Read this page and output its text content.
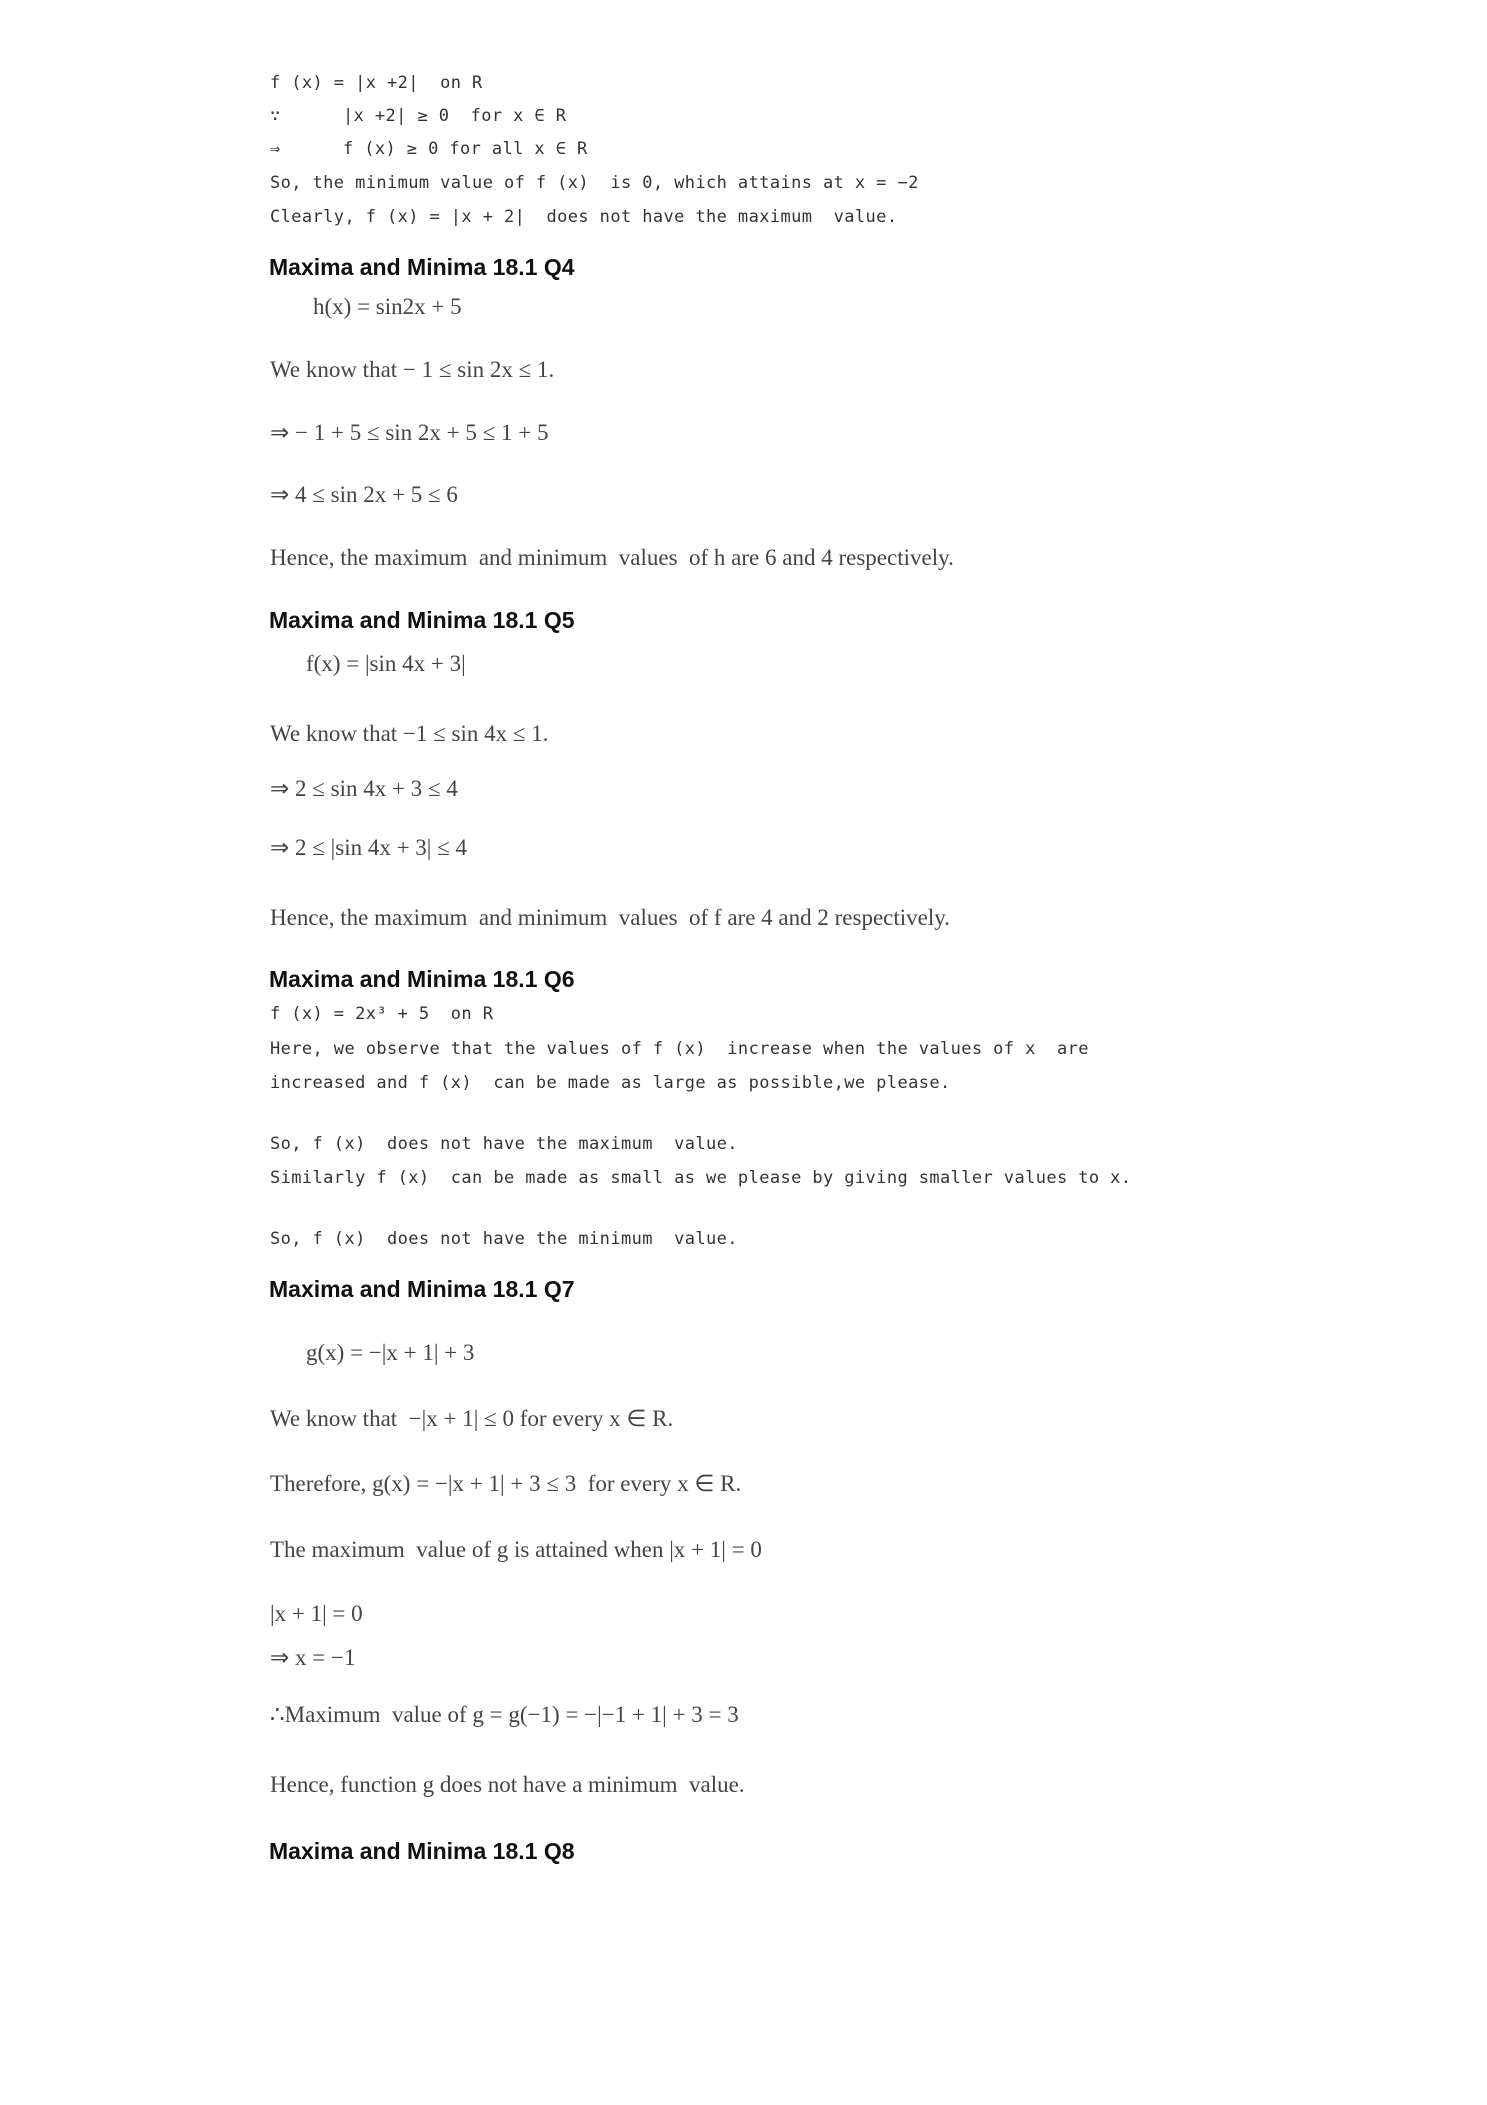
f (x) = |x +2|  on R
∵	|x +2| ≥ 0  for x ∈ R
⇒	f (x) ≥ 0 for all x ∈ R
So, the minimum value of f (x)  is 0, which attains at x = −2
Clearly, f (x) = |x + 2|  does not have the maximum  value.
Maxima and Minima 18.1 Q4
h(x) = sin2x + 5
We know that − 1 ≤ sin 2x ≤ 1.
⇒ − 1 + 5 ≤ sin 2x + 5 ≤ 1 + 5
⇒ 4 ≤ sin 2x + 5 ≤ 6
Hence, the maximum  and minimum  values  of h are 6 and 4 respectively.
Maxima and Minima 18.1 Q5
f(x) = |sin 4x + 3|
We know that −1 ≤ sin 4x ≤ 1.
⇒ 2 ≤ sin 4x + 3 ≤ 4
⇒ 2 ≤ |sin 4x + 3| ≤ 4
Hence, the maximum  and minimum  values  of f are 4 and 2 respectively.
Maxima and Minima 18.1 Q6
f (x) = 2x³ + 5  on R
Here, we observe that the values of f (x)  increase when the values of x  are
increased and f (x)  can be made as large as possible,we please.
So, f (x)  does not have the maximum  value.
Similarly f (x)  can be made as small as we please by giving smaller values to x.
So, f (x)  does not have the minimum  value.
Maxima and Minima 18.1 Q7
g(x) = −|x + 1| + 3
We know that  −|x + 1| ≤ 0 for every x ∈ R.
Therefore, g(x) = −|x + 1| + 3 ≤ 3  for every x ∈ R.
The maximum  value of g is attained when |x + 1| = 0
|x + 1| = 0
⇒ x = −1
∴Maximum  value of g = g(−1) = −|−1 + 1| + 3 = 3
Hence, function g does not have a minimum  value.
Maxima and Minima 18.1 Q8
